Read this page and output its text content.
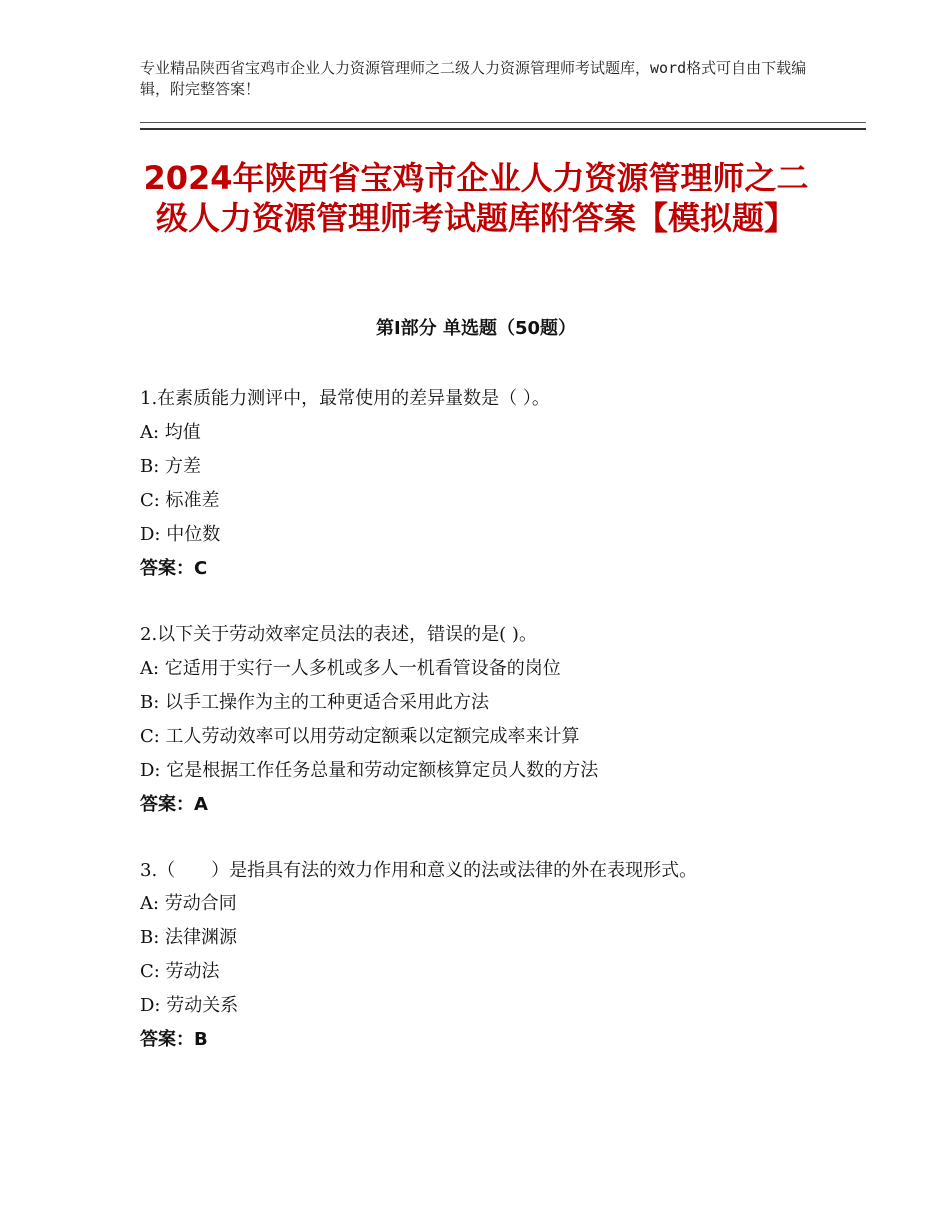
专业精品陕西省宝鸡市企业人力资源管理师之二级人力资源管理师考试题库，word格式可自由下载编辑，附完整答案！
2024年陕西省宝鸡市企业人力资源管理师之二级人力资源管理师考试题库附答案【模拟题】
第Ⅰ部分 单选题（50题）
1.在素质能力测评中，最常使用的差异量数是（ ）。
A: 均值
B: 方差
C: 标准差
D: 中位数
答案：C
2.以下关于劳动效率定员法的表述，错误的是( )。
A: 它适用于实行一人多机或多人一机看管设备的岗位
B: 以手工操作为主的工种更适合采用此方法
C: 工人劳动效率可以用劳动定额乘以定额完成率来计算
D: 它是根据工作任务总量和劳动定额核算定员人数的方法
答案：A
3.（　　）是指具有法的效力作用和意义的法或法律的外在表现形式。
A: 劳动合同
B: 法律渊源
C: 劳动法
D: 劳动关系
答案：B
